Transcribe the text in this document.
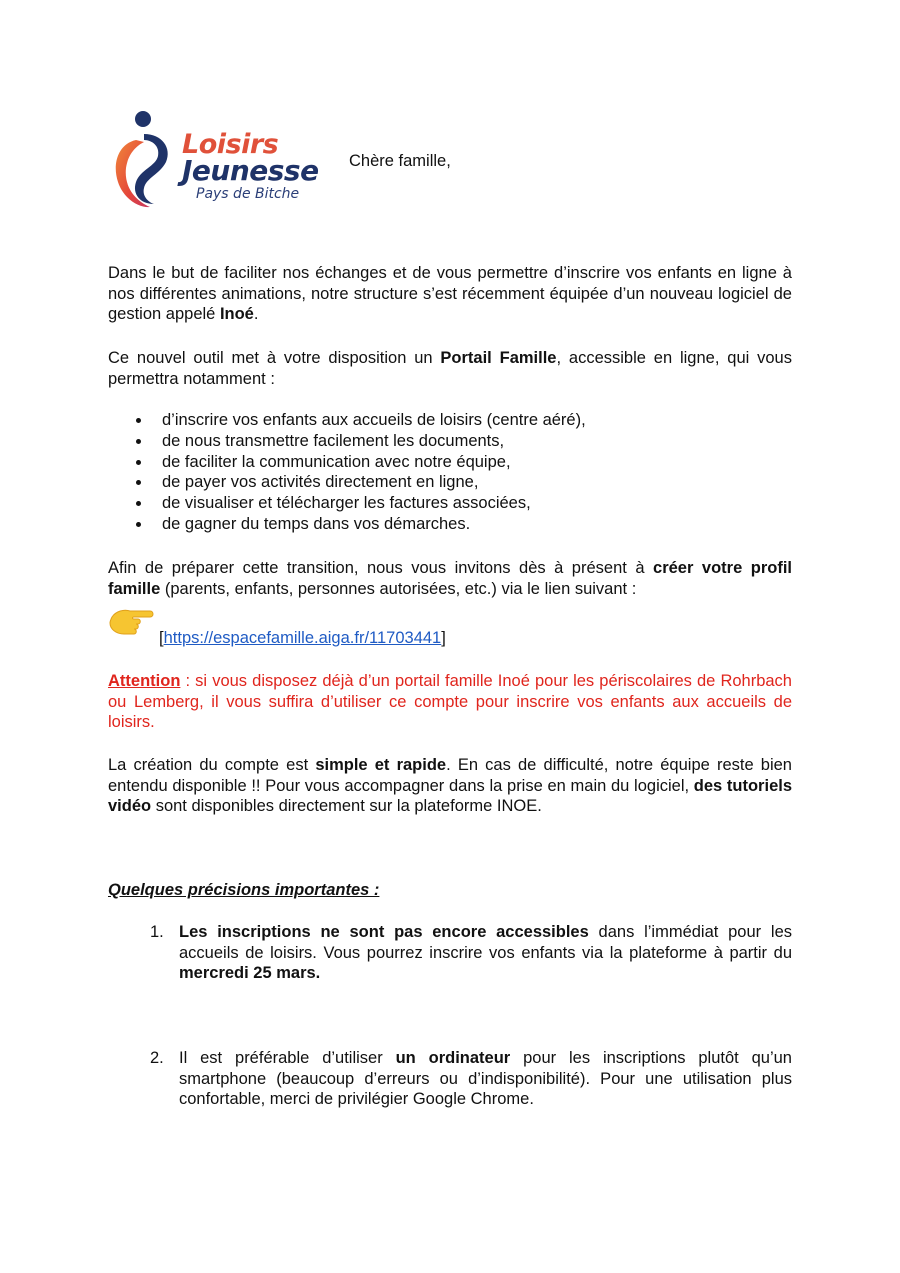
Loisirs
Jeunesse
Pays de Bitche
Chère famille,

Dans le but de faciliter nos échanges et de vous permettre d’inscrire vos enfants en ligne à nos différentes animations, notre structure s’est récemment équipée d’un nouveau logiciel de gestion appelé Inoé.

Ce nouvel outil met à votre disposition un Portail Famille, accessible en ligne, qui vous permettra notamment :

d’inscrire vos enfants aux accueils de loisirs (centre aéré),
de nous transmettre facilement les documents,
de faciliter la communication avec notre équipe,
de payer vos activités directement en ligne,
de visualiser et télécharger les factures associées,
de gagner du temps dans vos démarches.

Afin de préparer cette transition, nous vous invitons dès à présent à créer votre profil famille (parents, enfants, personnes autorisées, etc.) via le lien suivant :

[https://espacefamille.aiga.fr/11703441]

Attention : si vous disposez déjà d’un portail famille Inoé pour les périscolaires de Rohrbach ou Lemberg, il vous suffira d’utiliser ce compte pour inscrire vos enfants aux accueils de loisirs.

La création du compte est simple et rapide. En cas de difficulté, notre équipe reste bien entendu disponible !! Pour vous accompagner dans la prise en main du logiciel, des tutoriels vidéo sont disponibles directement sur la plateforme INOE.

Quelques précisions importantes :
1. Les inscriptions ne sont pas encore accessibles dans l’immédiat pour les accueils de loisirs. Vous pourrez inscrire vos enfants via la plateforme à partir du mercredi 25 mars.
2. Il est préférable d’utiliser un ordinateur pour les inscriptions plutôt qu’un smartphone (beaucoup d’erreurs ou d’indisponibilité). Pour une utilisation plus confortable, merci de privilégier Google Chrome.
